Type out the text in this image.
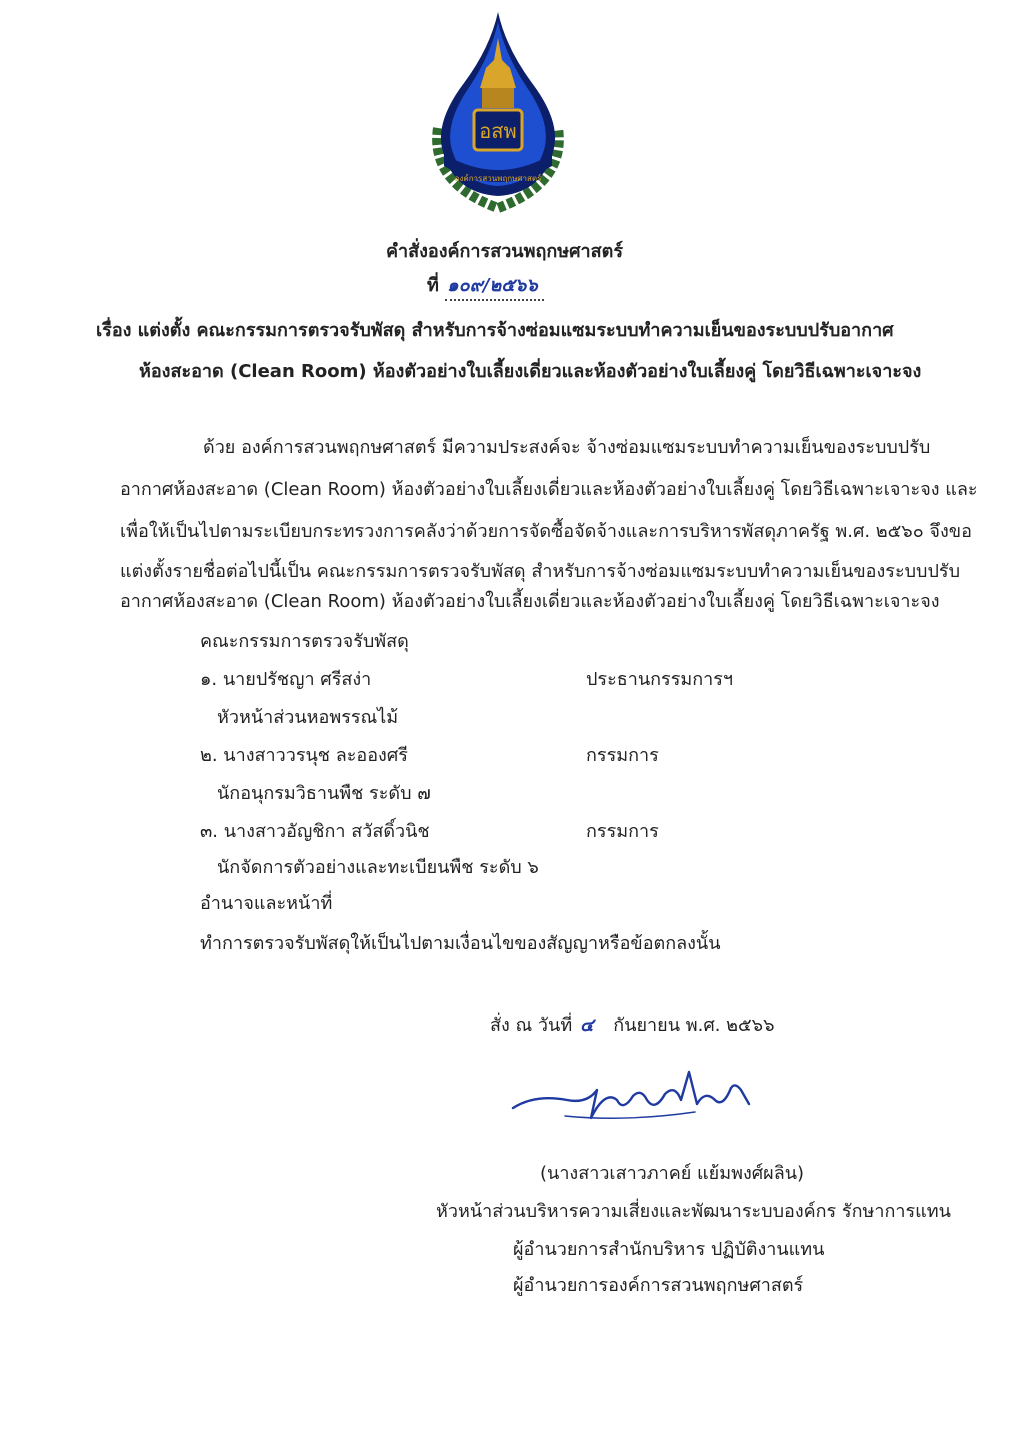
อสพ
องค์การสวนพฤกษศาสตร์
คำสั่งองค์การสวนพฤกษศาสตร์
ที่ ๑๐๙/๒๕๖๖
เรื่อง แต่งตั้ง คณะกรรมการตรวจรับพัสดุ สำหรับการจ้างซ่อมแซมระบบทำความเย็นของระบบปรับอากาศ
ห้องสะอาด (Clean Room) ห้องตัวอย่างใบเลี้ยงเดี่ยวและห้องตัวอย่างใบเลี้ยงคู่ โดยวิธีเฉพาะเจาะจง
ด้วย องค์การสวนพฤกษศาสตร์ มีความประสงค์จะ จ้างซ่อมแซมระบบทำความเย็นของระบบปรับ
อากาศห้องสะอาด (Clean Room) ห้องตัวอย่างใบเลี้ยงเดี่ยวและห้องตัวอย่างใบเลี้ยงคู่ โดยวิธีเฉพาะเจาะจง และ
เพื่อให้เป็นไปตามระเบียบกระทรวงการคลังว่าด้วยการจัดซื้อจัดจ้างและการบริหารพัสดุภาครัฐ พ.ศ. ๒๕๖๐ จึงขอ
แต่งตั้งรายชื่อต่อไปนี้เป็น คณะกรรมการตรวจรับพัสดุ สำหรับการจ้างซ่อมแซมระบบทำความเย็นของระบบปรับ
อากาศห้องสะอาด (Clean Room) ห้องตัวอย่างใบเลี้ยงเดี่ยวและห้องตัวอย่างใบเลี้ยงคู่ โดยวิธีเฉพาะเจาะจง
คณะกรรมการตรวจรับพัสดุ
๑. นายปรัชญา ศรีสง่า	ประธานกรรมการฯ
หัวหน้าส่วนหอพรรณไม้
๒. นางสาววรนุช ละอองศรี	กรรมการ
นักอนุกรมวิธานพืช ระดับ ๗
๓. นางสาวอัญชิกา สวัสดิ์วนิช	กรรมการ
นักจัดการตัวอย่างและทะเบียนพืช ระดับ ๖
อำนาจและหน้าที่
ทำการตรวจรับพัสดุให้เป็นไปตามเงื่อนไขของสัญญาหรือข้อตกลงนั้น
สั่ง ณ วันที่ ๔ กันยายน พ.ศ. ๒๕๖๖
(นางสาวเสาวภาคย์ แย้มพงศ์ผลิน)
หัวหน้าส่วนบริหารความเสี่ยงและพัฒนาระบบองค์กร รักษาการแทน
ผู้อำนวยการสำนักบริหาร ปฏิบัติงานแทน
ผู้อำนวยการองค์การสวนพฤกษศาสตร์
